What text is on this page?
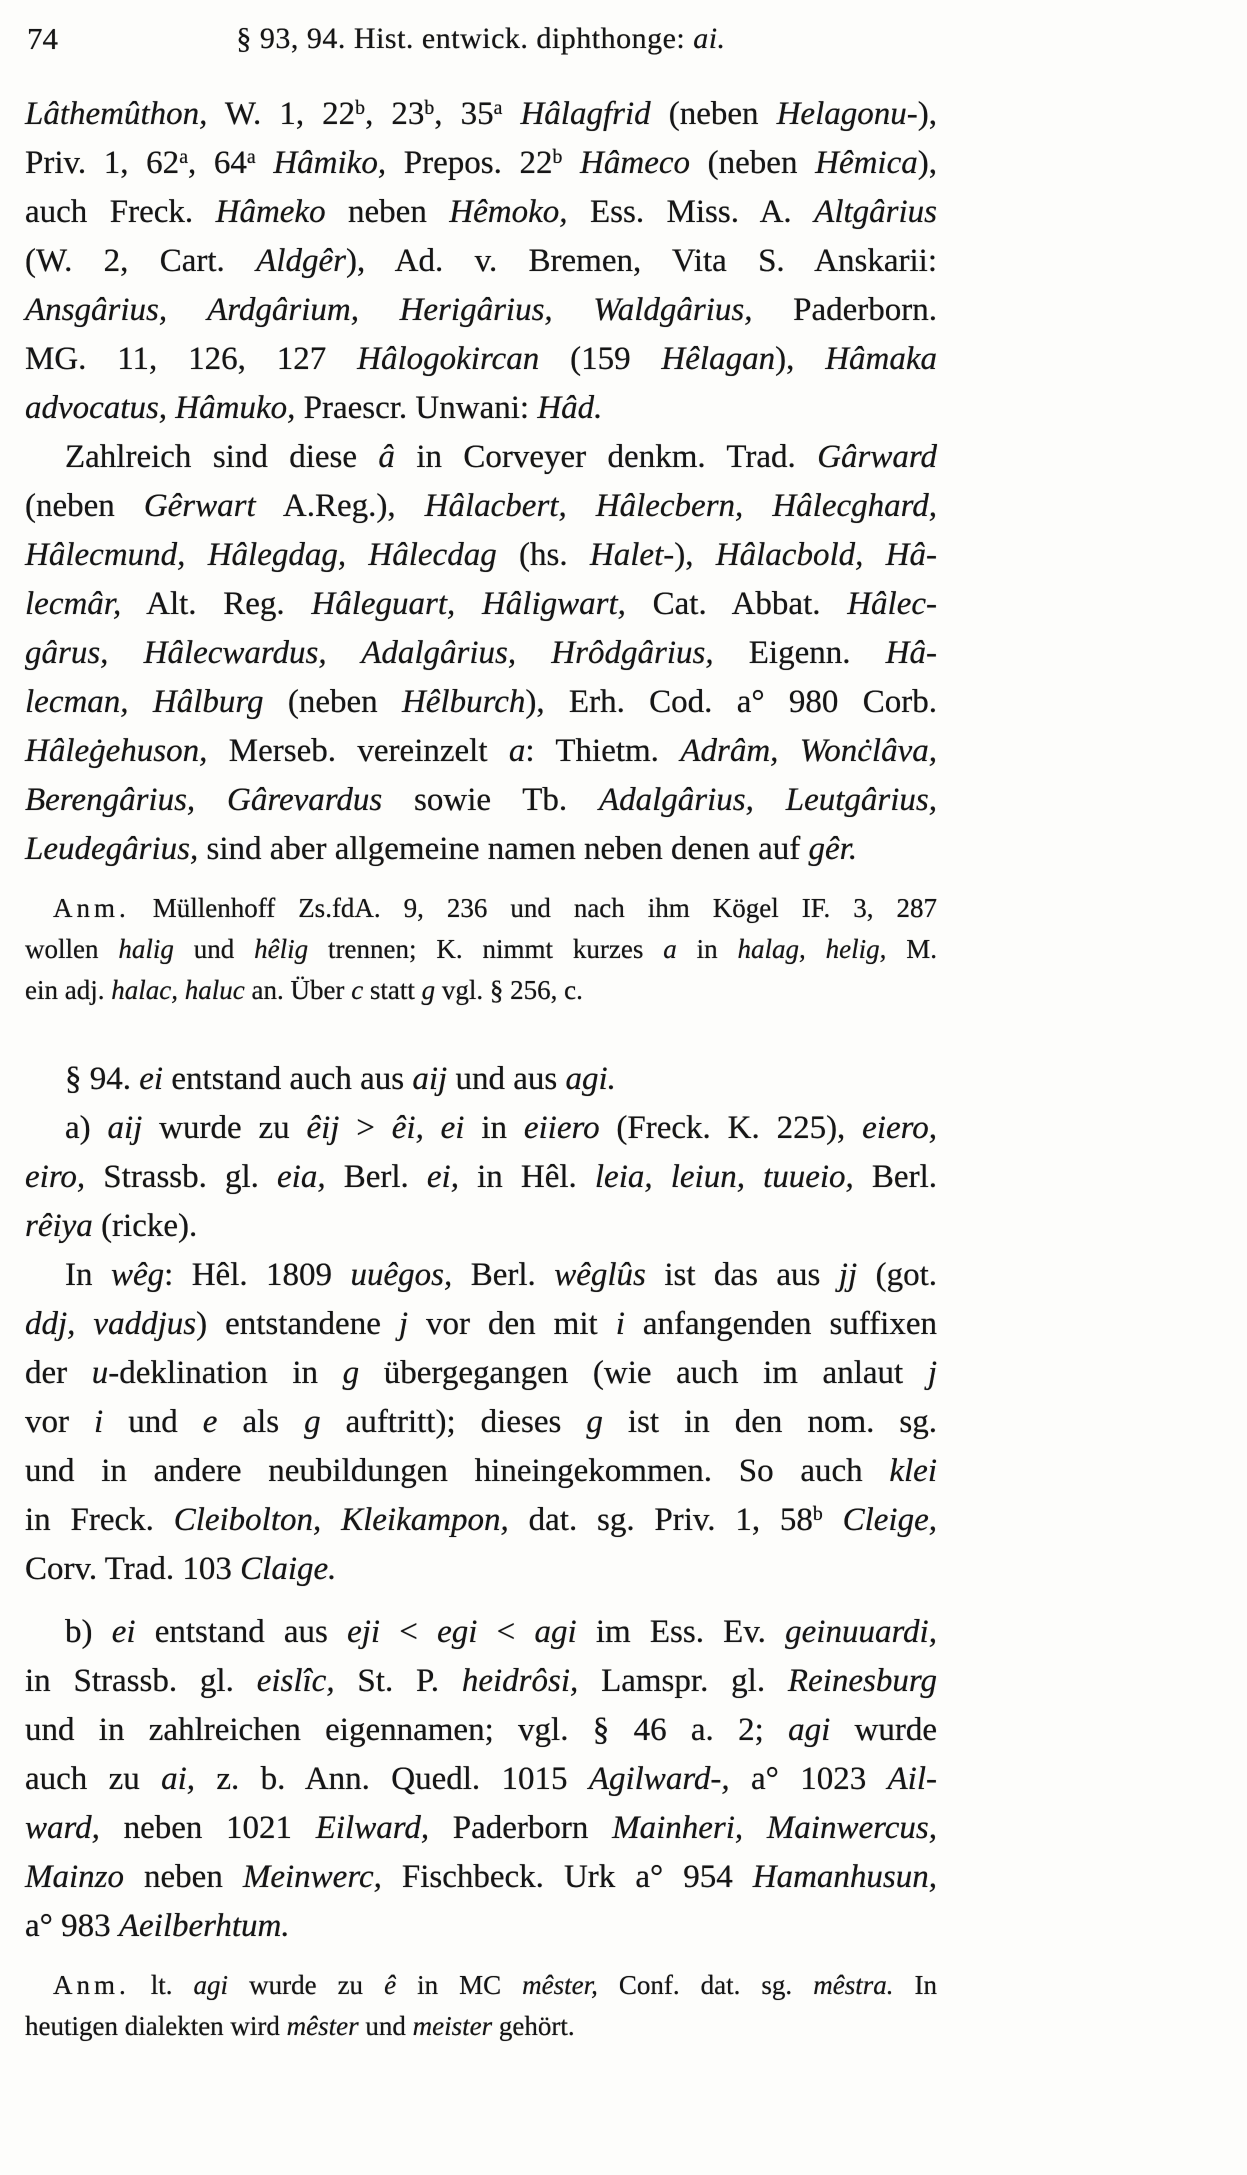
74	§ 93, 94. Hist. entwick. diphthonge: ai.
Lâthemûthon, W. 1, 22$^b$, 23$^b$, 35$^a$ Hâlagfrid (neben Helagonu-),
Priv. 1, 62$^a$, 64$^a$ Hâmiko, Prepos. 22$^b$ Hâmeco (neben Hêmica),
auch Freck. Hâmeko neben Hêmoko, Ess. Miss. A. Altgârius
(W. 2, Cart. Aldgêr), Ad. v. Bremen, Vita S. Anskarii:
Ansgârius, Ardgârium, Herigârius, Waldgârius, Paderborn.
MG. 11, 126, 127 Hâlogokircan (159 Hêlagan), Hâmaka
advocatus, Hâmuko, Praescr. Unwani: Hâd.
Zahlreich sind diese â in Corveyer denkm. Trad. Gârward
(neben Gêrwart A.Reg.), Hâlacbert, Hâlecbern, Hâlecghard,
Hâlecmund, Hâlegdag, Hâlecdag (hs. Halet-), Hâlacbold, Hâ-
lecmâr, Alt. Reg. Hâleguart, Hâligwart, Cat. Abbat. Hâlec-
gârus, Hâlecwardus, Adalgârius, Hrôdgârius, Eigenn. Hâ-
lecman, Hâlburg (neben Hêlburch), Erh. Cod. a° 980 Corb.
Hâleġehuson, Merseb. vereinzelt a: Thietm. Adrâm, Wonċlâva,
Berengârius, Gârevardus sowie Tb. Adalgârius, Leutgârius,
Leudegârius, sind aber allgemeine namen neben denen auf gêr.
Anm. Müllenhoff Zs.fdA. 9, 236 und nach ihm Kögel IF. 3, 287
wollen halig und hêlig trennen; K. nimmt kurzes a in halag, helig, M.
ein adj. halac, haluc an. Über c statt g vgl. § 256, c.
§ 94. ei entstand auch aus aij und aus agi.
a) aij wurde zu êij > êi, ei in eiiero (Freck. K. 225), eiero,
eiro, Strassb. gl. eia, Berl. ei, in Hêl. leia, leiun, tuueio, Berl.
rêiya (ricke).
In wêg: Hêl. 1809 uuêgos, Berl. wêglûs ist das aus jj (got.
ddj, vaddjus) entstandene j vor den mit i anfangenden suffixen
der u-deklination in g übergegangen (wie auch im anlaut j
vor i und e als g auftritt); dieses g ist in den nom. sg.
und in andere neubildungen hineingekommen. So auch klei
in Freck. Cleibolton, Kleikampon, dat. sg. Priv. 1, 58$^b$ Cleige,
Corv. Trad. 103 Claige.
b) ei entstand aus eji < egi < agi im Ess. Ev. geinuuardi,
in Strassb. gl. eislîc, St. P. heidrôsi, Lamspr. gl. Reinesburg
und in zahlreichen eigennamen; vgl. § 46 a. 2; agi wurde
auch zu ai, z. b. Ann. Quedl. 1015 Agilward-, a° 1023 Ail-
ward, neben 1021 Eilward, Paderborn Mainheri, Mainwercus,
Mainzo neben Meinwerc, Fischbeck. Urk a° 954 Hamanhusun,
a° 983 Aeilberhtum.
Anm. lt. agi wurde zu ê in MC mêster, Conf. dat. sg. mêstra. In
heutigen dialekten wird mêster und meister gehört.
